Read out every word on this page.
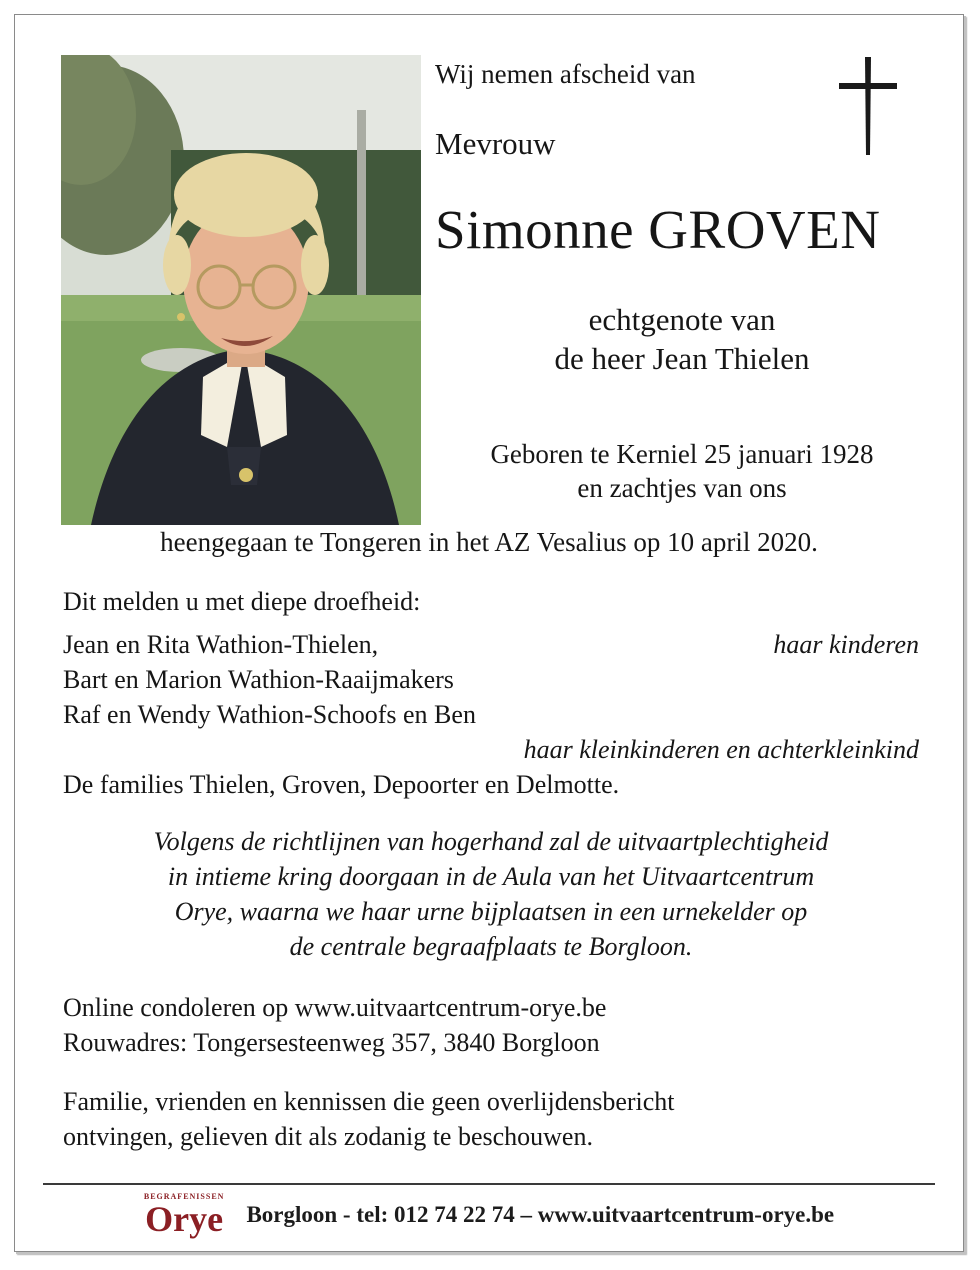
Wij nemen afscheid van
Mevrouw
Simonne GROVEN
echtgenote van
de heer Jean Thielen
Geboren te Kerniel 25 januari 1928
en zachtjes van ons
heengegaan te Tongeren in het AZ Vesalius op 10 april 2020.
Dit melden u met diepe droefheid:
Jean en Rita Wathion-Thielen,	haar kinderen
Bart en Marion Wathion-Raaijmakers
Raf en Wendy Wathion-Schoofs en Ben
haar kleinkinderen en achterkleinkind
De families Thielen, Groven, Depoorter en Delmotte.
Volgens de richtlijnen van hogerhand zal de uitvaartplechtigheid
in intieme kring doorgaan in de Aula van het Uitvaartcentrum
Orye, waarna we haar urne bijplaatsen in een urnekelder op
de centrale begraafplaats te Borgloon.
Online condoleren op www.uitvaartcentrum-orye.be
Rouwadres: Tongersesteenweg 357, 3840 Borgloon
Familie, vrienden en kennissen die geen overlijdensbericht
ontvingen, gelieven dit als zodanig te beschouwen.
BEGRAFENISSEN
Orye Borgloon - tel: 012 74 22 74 – www.uitvaartcentrum-orye.be
